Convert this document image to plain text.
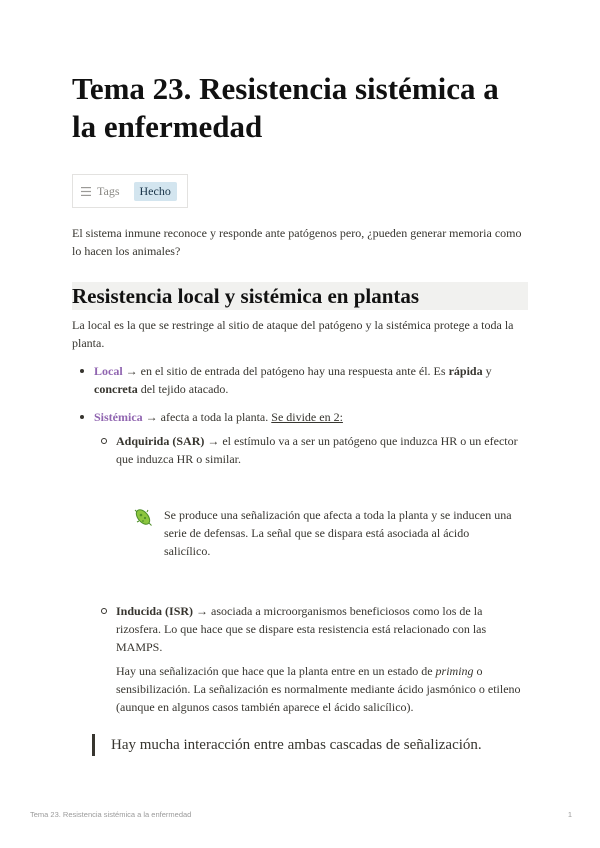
Tema 23. Resistencia sistémica a la enfermedad
Tags	Hecho

El sistema inmune reconoce y responde ante patógenos pero, ¿pueden generar memoria como lo hacen los animales?

Resistencia local y sistémica en plantas

La local es la que se restringe al sitio de ataque del patógeno y la sistémica protege a toda la planta.

Local → en el sitio de entrada del patógeno hay una respuesta ante él. Es rápida y concreta del tejido atacado.
Sistémica → afecta a toda la planta. Se divide en 2:
Adquirida (SAR) → el estímulo va a ser un patógeno que induzca HR o un efector que induzca HR o similar.

Se produce una señalización que afecta a toda la planta y se inducen una serie de defensas. La señal que se dispara está asociada al ácido salicílico.

Inducida (ISR) → asociada a microorganismos beneficiosos como los de la rizosfera. Lo que hace que se dispare esta resistencia está relacionado con las MAMPS.

Hay una señalización que hace que la planta entre en un estado de priming o sensibilización. La señalización es normalmente mediante ácido jasmónico o etileno (aunque en algunos casos también aparece el ácido salicílico).

Hay mucha interacción entre ambas cascadas de señalización.
Tema 23. Resistencia sistémica a la enfermedad	1
